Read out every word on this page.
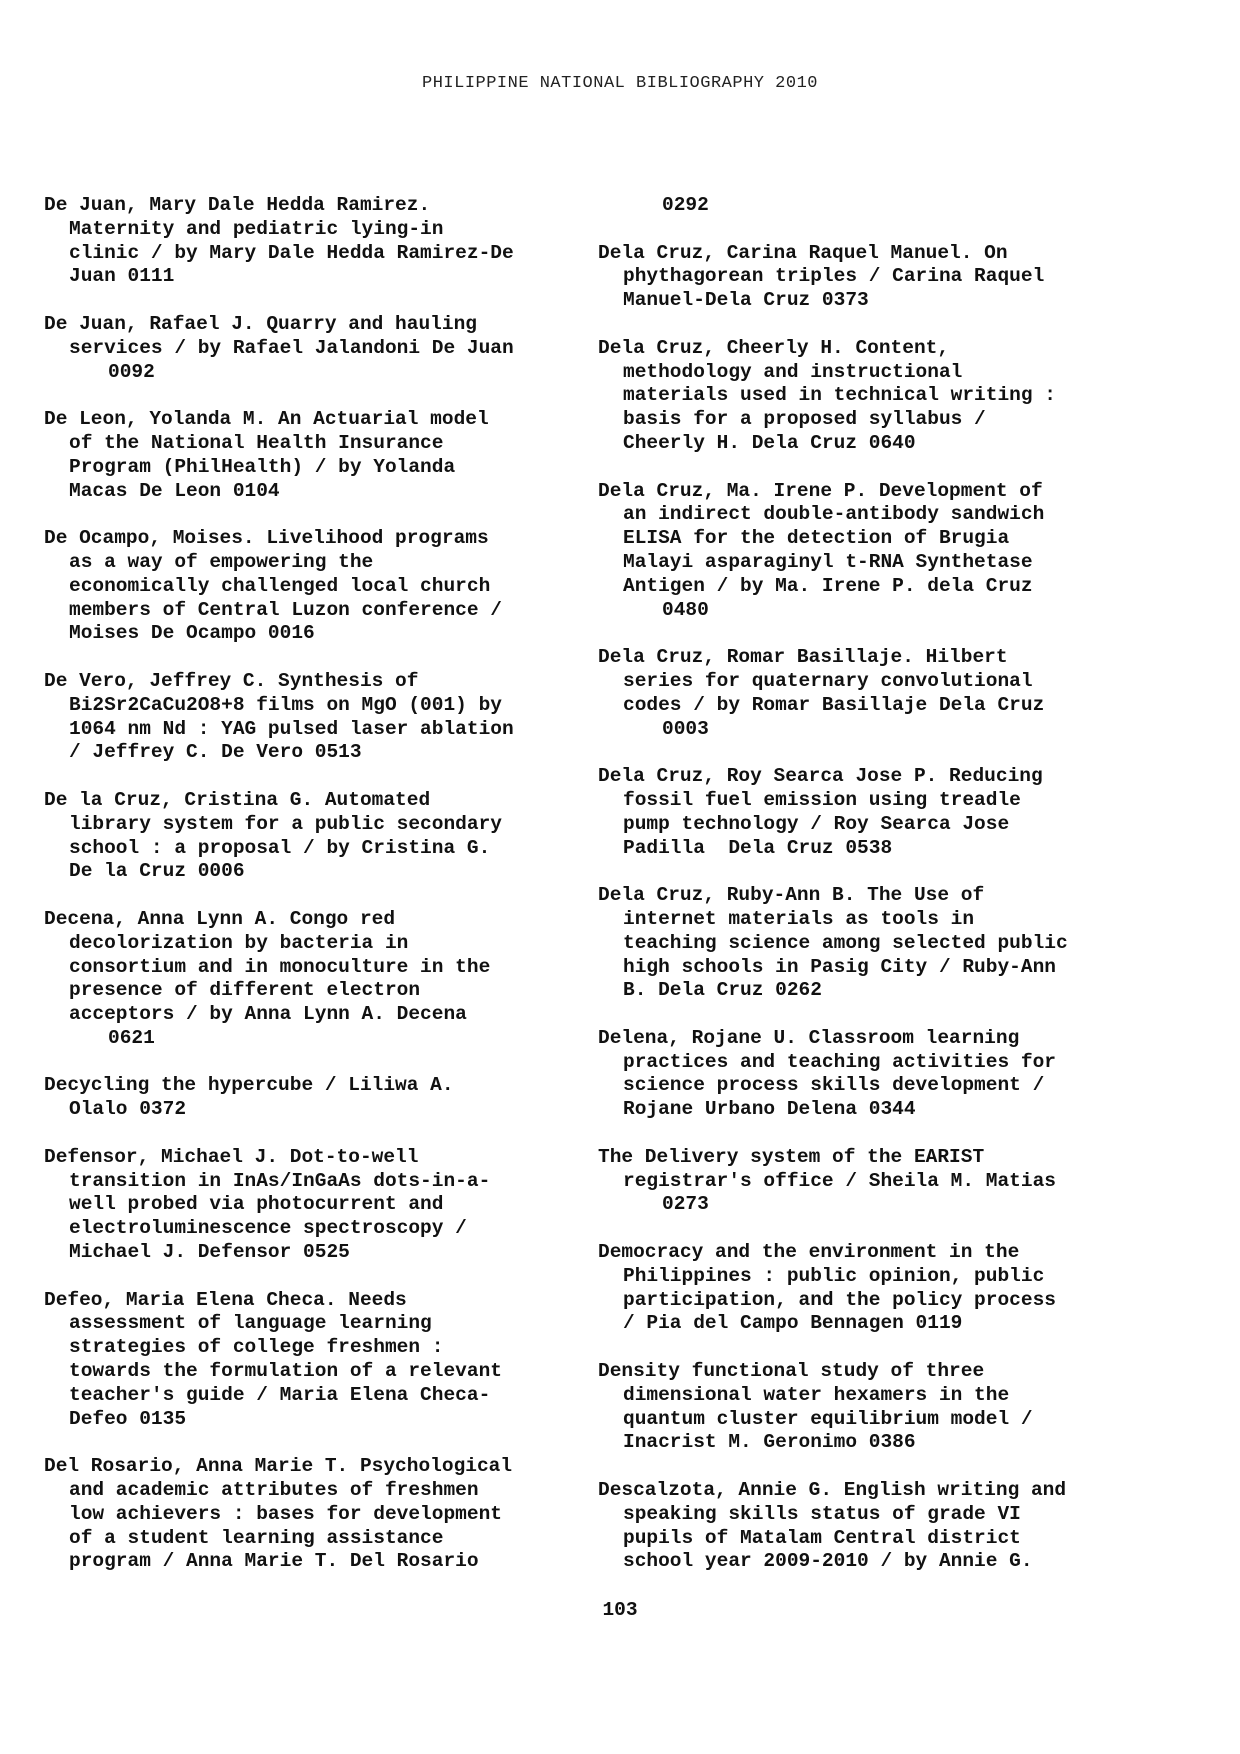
PHILIPPINE NATIONAL BIBLIOGRAPHY 2010
De Juan, Mary Dale Hedda Ramirez.
Maternity and pediatric lying-in
clinic / by Mary Dale Hedda Ramirez-De
Juan 0111
De Juan, Rafael J. Quarry and hauling
services / by Rafael Jalandoni De Juan
0092
De Leon, Yolanda M. An Actuarial model
of the National Health Insurance
Program (PhilHealth) / by Yolanda
Macas De Leon 0104
De Ocampo, Moises. Livelihood programs
as a way of empowering the
economically challenged local church
members of Central Luzon conference /
Moises De Ocampo 0016
De Vero, Jeffrey C. Synthesis of
Bi2Sr2CaCu2O8+8 films on MgO (001) by
1064 nm Nd : YAG pulsed laser ablation
/ Jeffrey C. De Vero 0513
De la Cruz, Cristina G. Automated
library system for a public secondary
school : a proposal / by Cristina G.
De la Cruz 0006
Decena, Anna Lynn A. Congo red
decolorization by bacteria in
consortium and in monoculture in the
presence of different electron
acceptors / by Anna Lynn A. Decena
0621
Decycling the hypercube / Liliwa A.
Olalo 0372
Defensor, Michael J. Dot-to-well
transition in InAs/InGaAs dots-in-a-
well probed via photocurrent and
electroluminescence spectroscopy /
Michael J. Defensor 0525
Defeo, Maria Elena Checa. Needs
assessment of language learning
strategies of college freshmen :
towards the formulation of a relevant
teacher's guide / Maria Elena Checa-
Defeo 0135
Del Rosario, Anna Marie T. Psychological
and academic attributes of freshmen
low achievers : bases for development
of a student learning assistance
program / Anna Marie T. Del Rosario
0292
Dela Cruz, Carina Raquel Manuel. On
phythagorean triples / Carina Raquel
Manuel-Dela Cruz 0373
Dela Cruz, Cheerly H. Content,
methodology and instructional
materials used in technical writing :
basis for a proposed syllabus /
Cheerly H. Dela Cruz 0640
Dela Cruz, Ma. Irene P. Development of
an indirect double-antibody sandwich
ELISA for the detection of Brugia
Malayi asparaginyl t-RNA Synthetase
Antigen / by Ma. Irene P. dela Cruz
0480
Dela Cruz, Romar Basillaje. Hilbert
series for quaternary convolutional
codes / by Romar Basillaje Dela Cruz
0003
Dela Cruz, Roy Searca Jose P. Reducing
fossil fuel emission using treadle
pump technology / Roy Searca Jose
Padilla  Dela Cruz 0538
Dela Cruz, Ruby-Ann B. The Use of
internet materials as tools in
teaching science among selected public
high schools in Pasig City / Ruby-Ann
B. Dela Cruz 0262
Delena, Rojane U. Classroom learning
practices and teaching activities for
science process skills development /
Rojane Urbano Delena 0344
The Delivery system of the EARIST
registrar's office / Sheila M. Matias
0273
Democracy and the environment in the
Philippines : public opinion, public
participation, and the policy process
/ Pia del Campo Bennagen 0119
Density functional study of three
dimensional water hexamers in the
quantum cluster equilibrium model /
Inacrist M. Geronimo 0386
Descalzota, Annie G. English writing and
speaking skills status of grade VI
pupils of Matalam Central district
school year 2009-2010 / by Annie G.
103
